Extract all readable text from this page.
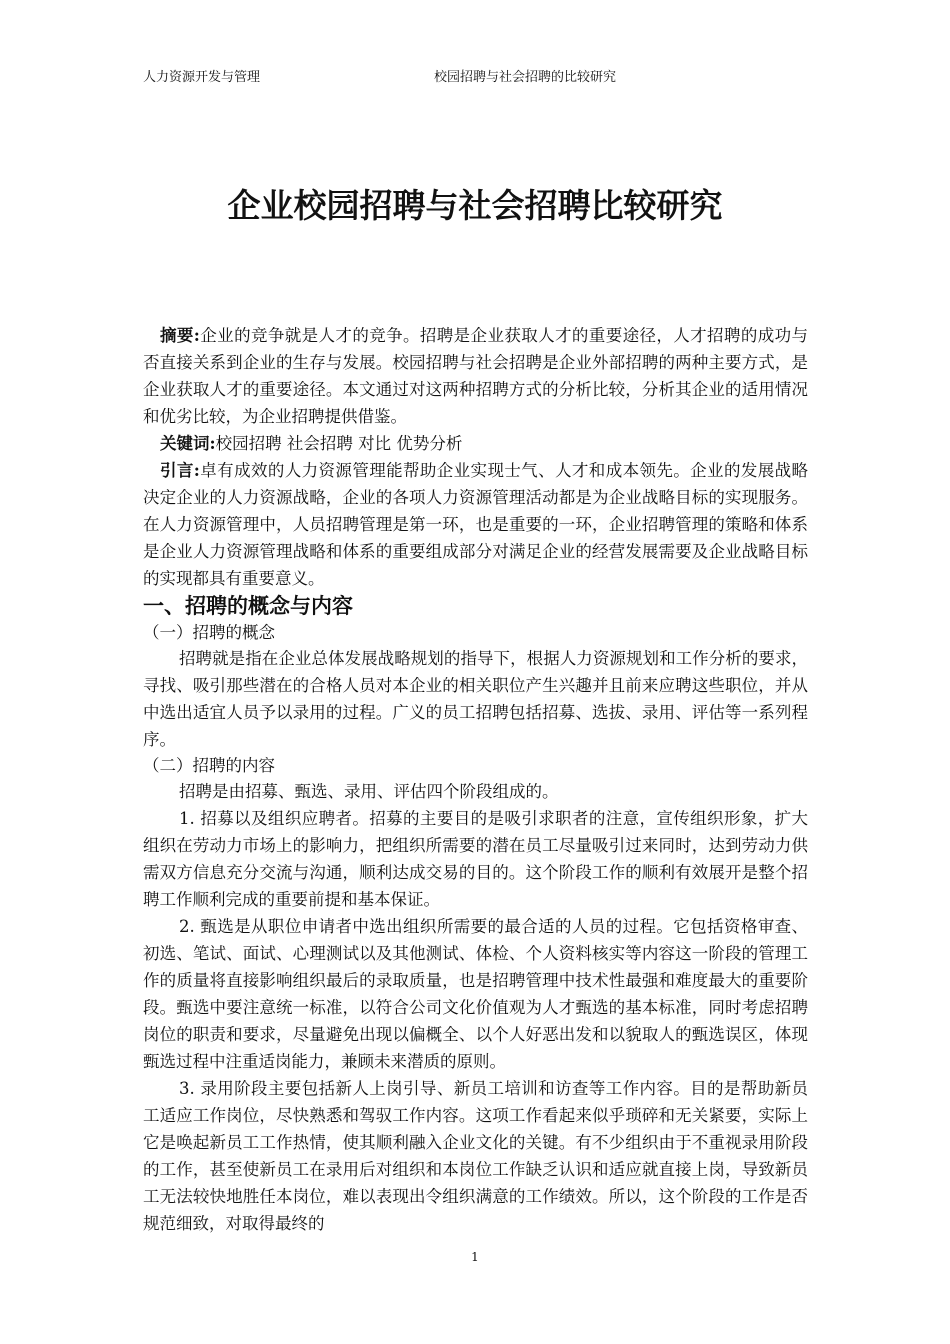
人力资源开发与管理	校园招聘与社会招聘的比较研究
企业校园招聘与社会招聘比较研究

摘要:企业的竞争就是人才的竞争。招聘是企业获取人才的重要途径，人才招聘的成功与否直接关系到企业的生存与发展。校园招聘与社会招聘是企业外部招聘的两种主要方式，是企业获取人才的重要途径。本文通过对这两种招聘方式的分析比较，分析其企业的适用情况和优劣比较，为企业招聘提供借鉴。

关键词:校园招聘 社会招聘 对比 优势分析

引言:卓有成效的人力资源管理能帮助企业实现士气、人才和成本领先。企业的发展战略决定企业的人力资源战略，企业的各项人力资源管理活动都是为企业战略目标的实现服务。在人力资源管理中，人员招聘管理是第一环，也是重要的一环，企业招聘管理的策略和体系是企业人力资源管理战略和体系的重要组成部分对满足企业的经营发展需要及企业战略目标的实现都具有重要意义。

一、招聘的概念与内容

（一）招聘的概念

招聘就是指在企业总体发展战略规划的指导下，根据人力资源规划和工作分析的要求，寻找、吸引那些潜在的合格人员对本企业的相关职位产生兴趣并且前来应聘这些职位，并从中选出适宜人员予以录用的过程。广义的员工招聘包括招募、选拔、录用、评估等一系列程序。

（二）招聘的内容

招聘是由招募、甄选、录用、评估四个阶段组成的。

1. 招募以及组织应聘者。招募的主要目的是吸引求职者的注意，宣传组织形象，扩大组织在劳动力市场上的影响力，把组织所需要的潜在员工尽量吸引过来同时，达到劳动力供需双方信息充分交流与沟通，顺利达成交易的目的。这个阶段工作的顺利有效展开是整个招聘工作顺利完成的重要前提和基本保证。

2. 甄选是从职位申请者中选出组织所需要的最合适的人员的过程。它包括资格审查、初选、笔试、面试、心理测试以及其他测试、体检、个人资料核实等内容这一阶段的管理工作的质量将直接影响组织最后的录取质量，也是招聘管理中技术性最强和难度最大的重要阶段。甄选中要注意统一标准，以符合公司文化价值观为人才甄选的基本标准，同时考虑招聘岗位的职责和要求，尽量避免出现以偏概全、以个人好恶出发和以貌取人的甄选误区，体现甄选过程中注重适岗能力，兼顾未来潜质的原则。

3. 录用阶段主要包括新人上岗引导、新员工培训和访查等工作内容。目的是帮助新员工适应工作岗位，尽快熟悉和驾驭工作内容。这项工作看起来似乎琐碎和无关紧要，实际上它是唤起新员工工作热情，使其顺利融入企业文化的关键。有不少组织由于不重视录用阶段的工作，甚至使新员工在录用后对组织和本岗位工作缺乏认识和适应就直接上岗，导致新员工无法较快地胜任本岗位，难以表现出令组织满意的工作绩效。所以，这个阶段的工作是否规范细致，对取得最终的

1
